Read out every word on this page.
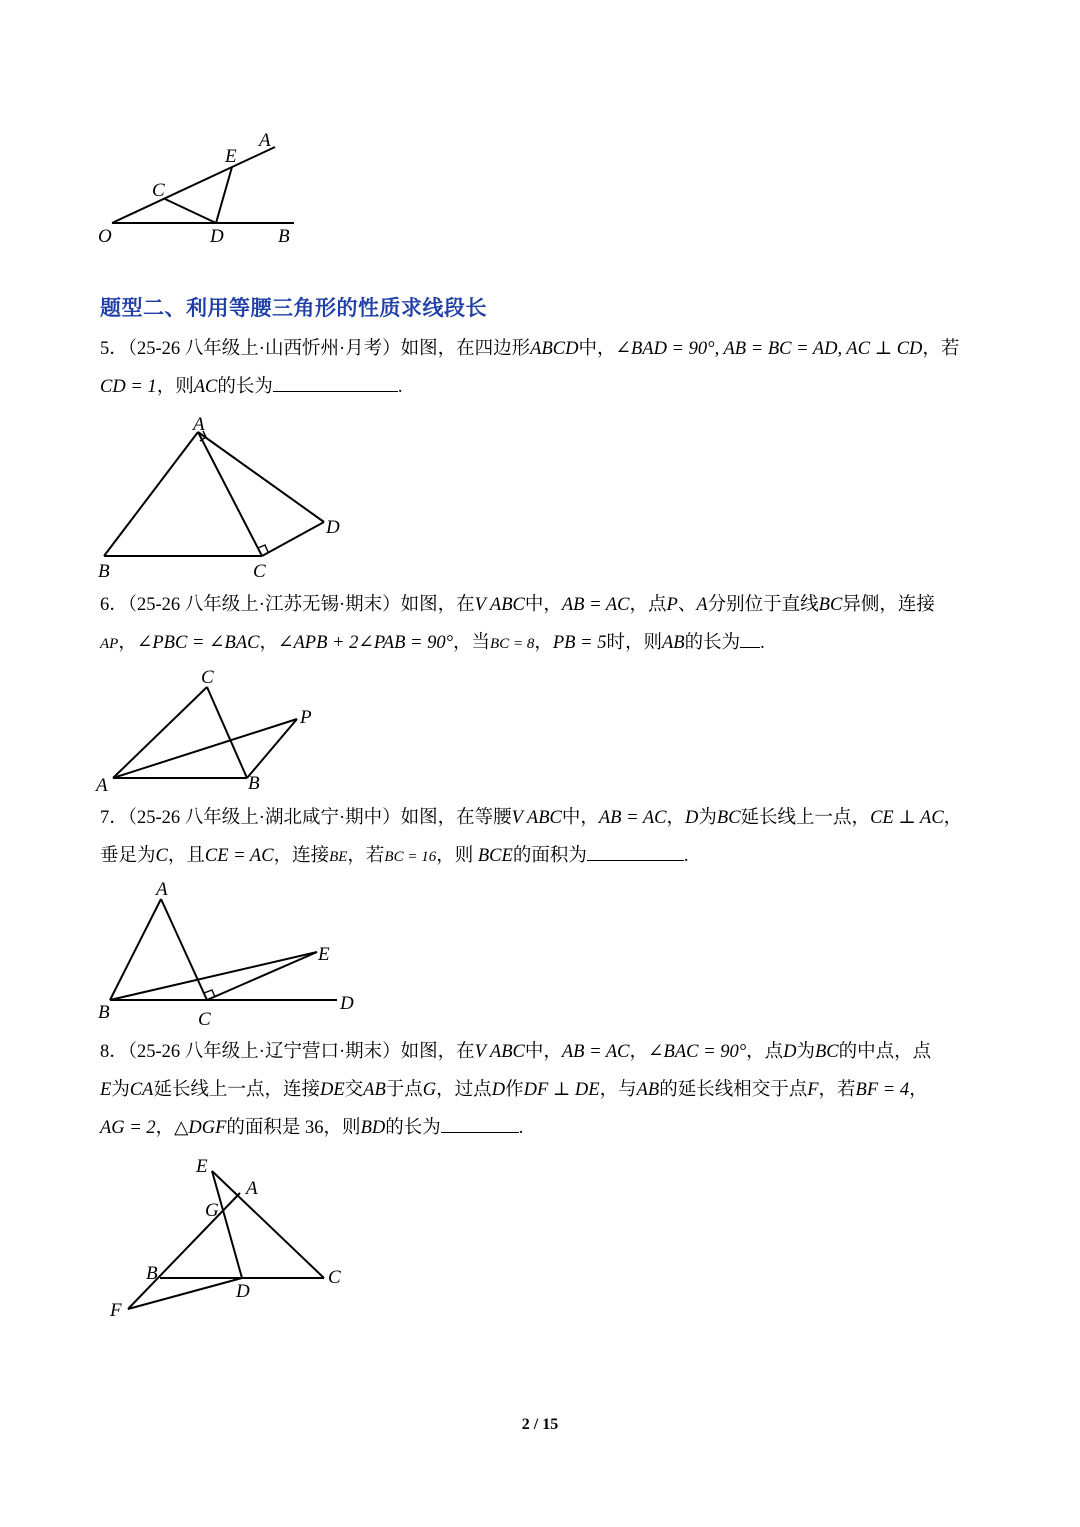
A
E
C
O	D	B
题型二、利用等腰三角形的性质求线段长
5．（25-26 八年级上·山西忻州·月考）如图，在四边形ABCD中，∠BAD = 90°, AB = BC = AD, AC ⊥ CD，若
CD = 1，则AC的长为	.
A
B	C
D
6．（25-26 八年级上·江苏无锡·期末）如图，在V ABC中，AB = AC，点P、A分别位于直线BC异侧，连接
AP，∠PBC = ∠BAC，∠APB + 2∠PAB = 90°，当BC = 8，PB = 5时，则AB的长为 .
C
P
A	B
7．（25-26 八年级上·湖北咸宁·期中）如图，在等腰V ABC中，AB = AC，D为BC延长线上一点，CE ⊥ AC，
垂足为C，且CE = AC，连接BE，若BC = 16，则 BCE的面积为	.
A
E
B	C
D
8．（25-26 八年级上·辽宁营口·期末）如图，在V ABC中，AB = AC，∠BAC = 90°，点D为BC的中点，点
E为CA延长线上一点，连接DE交AB于点G，过点D作DF ⊥ DE，与AB的延长线相交于点F，若BF = 4，
AG = 2，△DGF的面积是 36，则BD的长为	.
E
A
G
B
D
C
F
2 / 15
